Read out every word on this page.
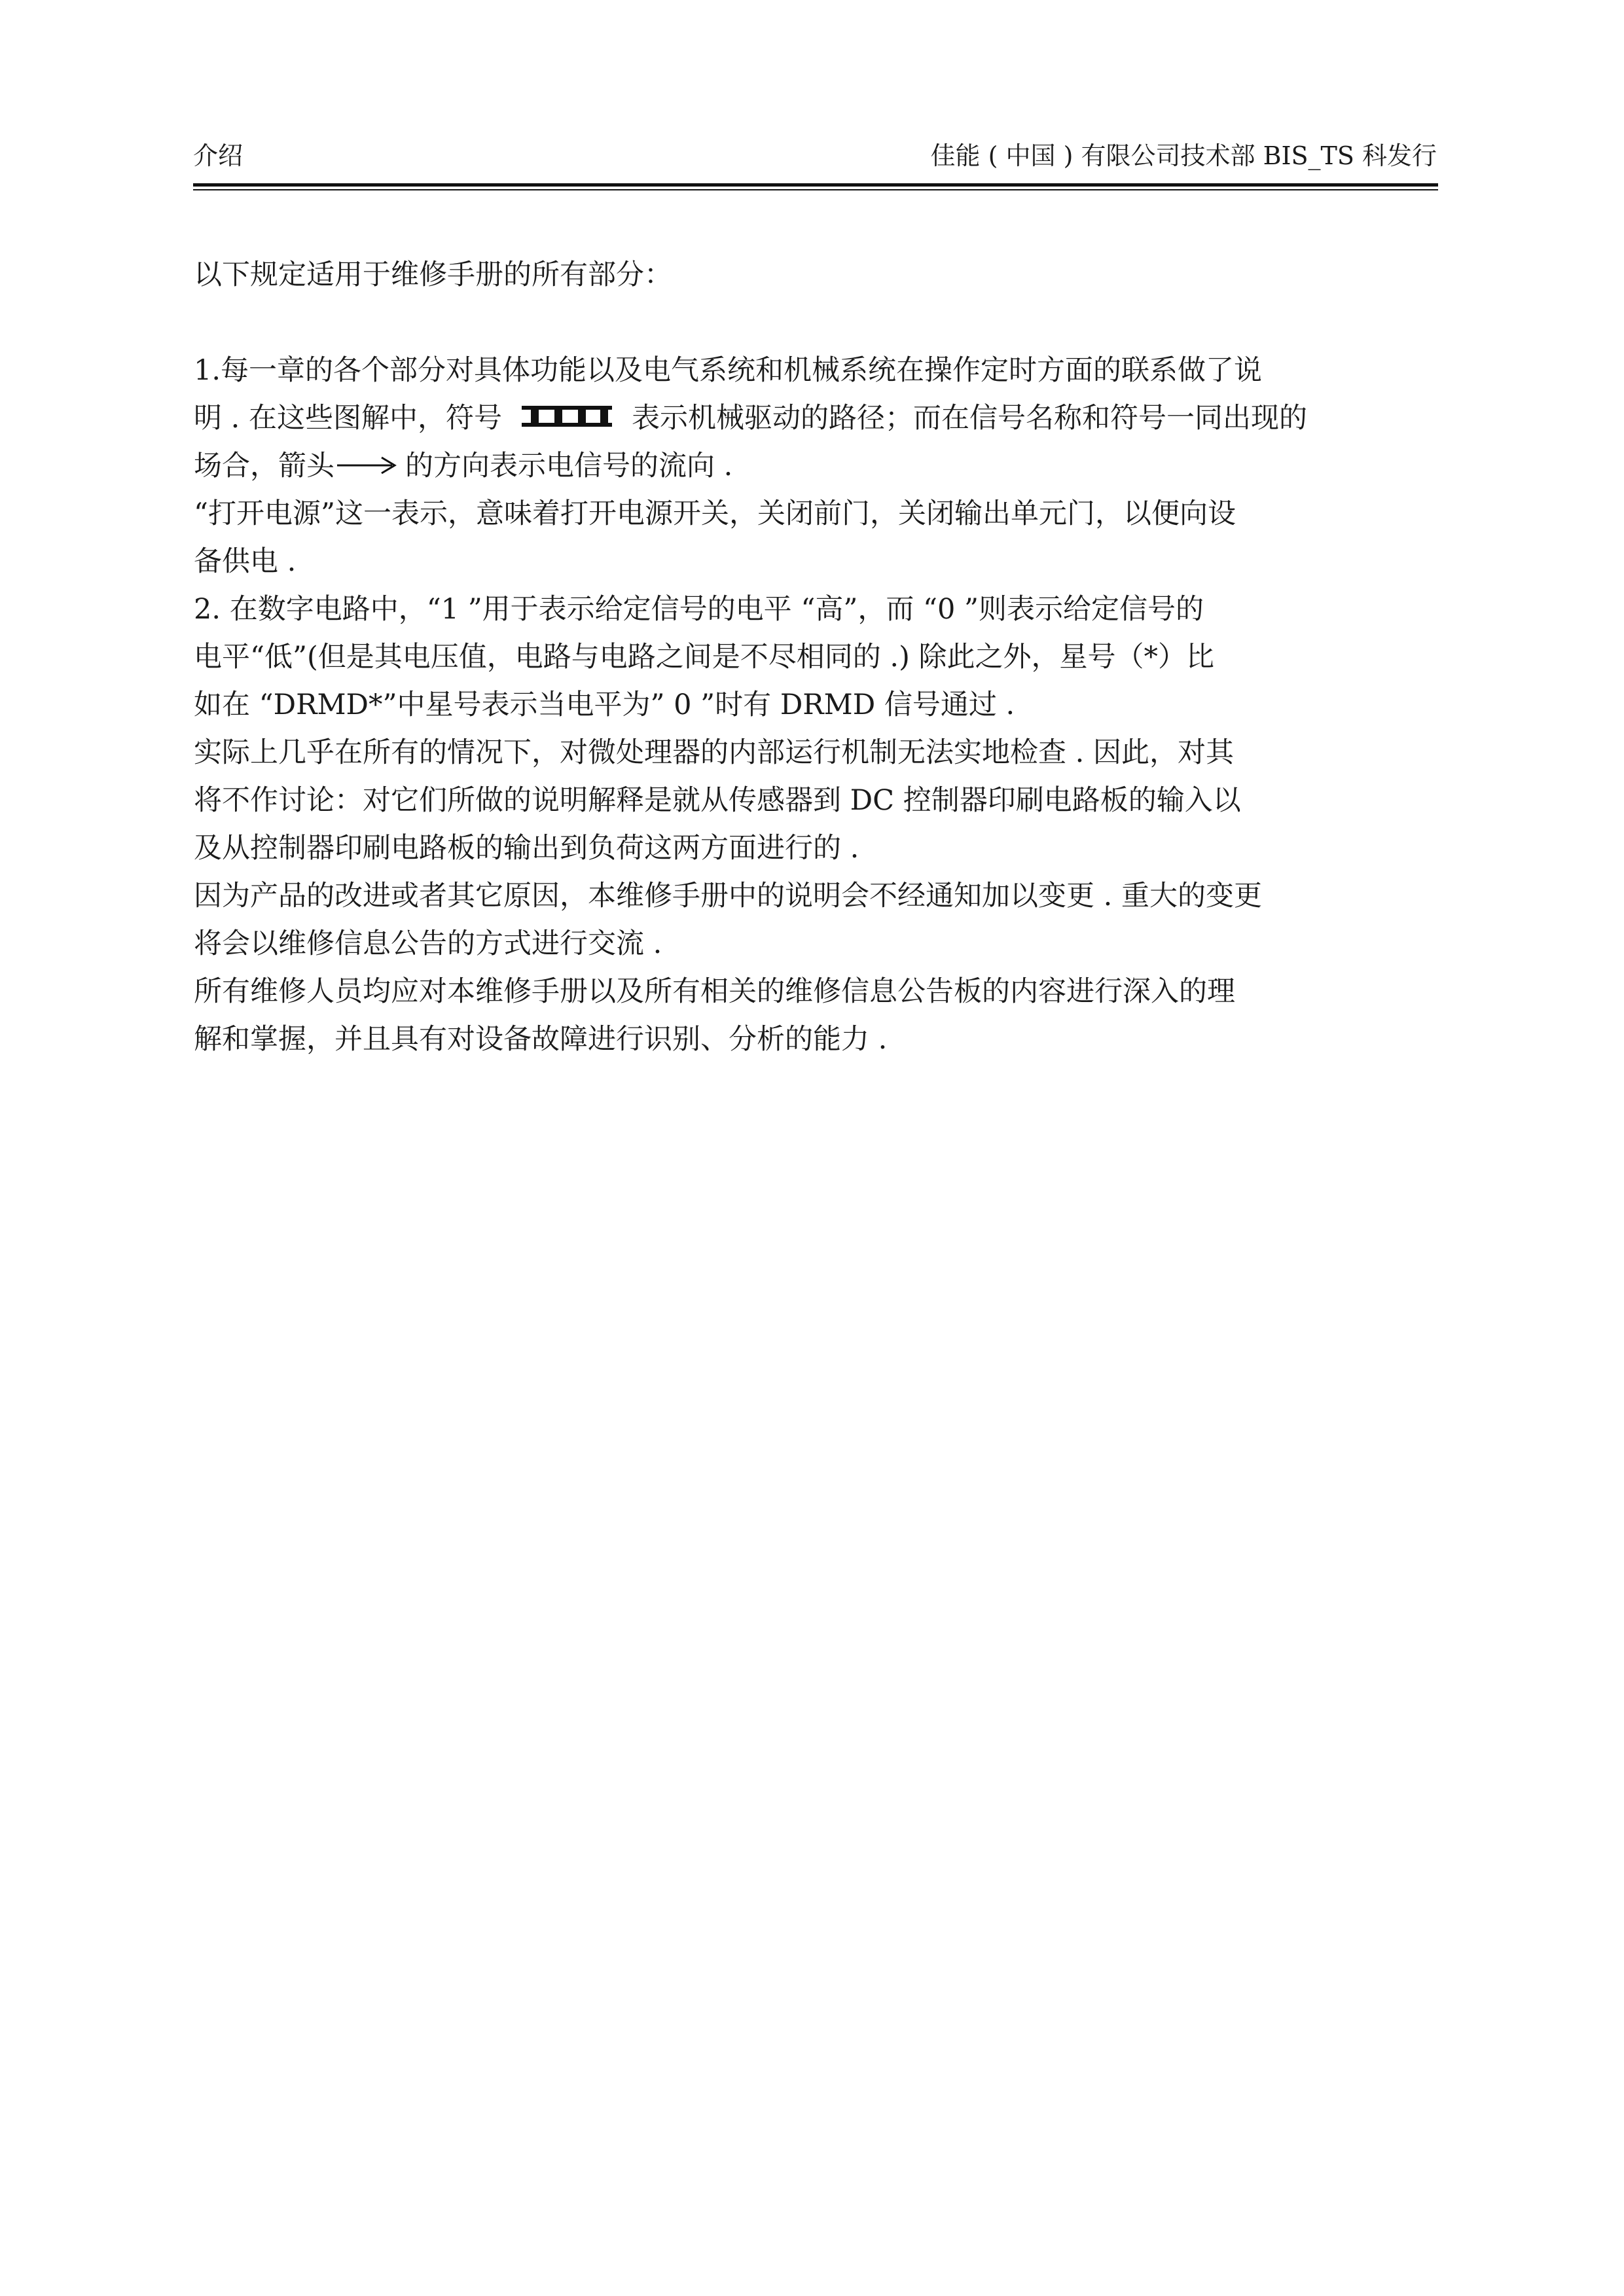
介绍	佳能 ( 中国 ) 有限公司技术部 BIS_TS 科发行
以下规定适用于维修手册的所有部分：
1.每一章的各个部分对具体功能以及电气系统和机械系统在操作定时方面的联系做了说
明 . 在这些图解中，符号	表示机械驱动的路径；而在信号名称和符号一同出现的
场合，箭头	的方向表示电信号的流向 .
“打开电源”这一表示，意味着打开电源开关，关闭前门，关闭输出单元门，以便向设
备供电 .
2. 在数字电路中，“1 ”用于表示给定信号的电平 “高”，而 “0 ”则表示给定信号的
电平“低”(但是其电压值，电路与电路之间是不尽相同的 .) 除此之外，星号（*）比
如在 “DRMD*”中星号表示当电平为” 0 ”时有 DRMD 信号通过 .
实际上几乎在所有的情况下，对微处理器的内部运行机制无法实地检查 . 因此，对其
将不作讨论：对它们所做的说明解释是就从传感器到 DC 控制器印刷电路板的输入以
及从控制器印刷电路板的输出到负荷这两方面进行的 .
因为产品的改进或者其它原因，本维修手册中的说明会不经通知加以变更 . 重大的变更
将会以维修信息公告的方式进行交流 .
所有维修人员均应对本维修手册以及所有相关的维修信息公告板的内容进行深入的理
解和掌握，并且具有对设备故障进行识别、分析的能力 .
